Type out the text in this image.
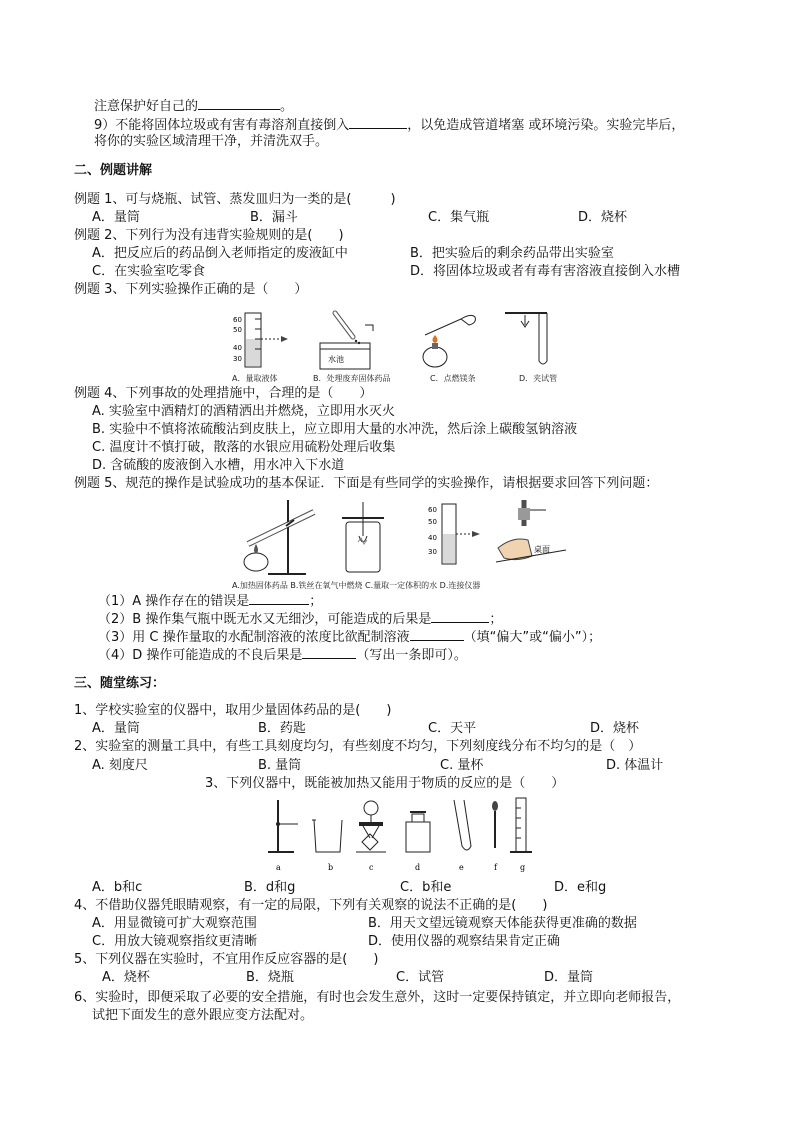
注意保护好自己的	。
9）不能将固体垃圾或有害有毒溶剂直接倒入	，以免造成管道堵塞 或环境污染。实验完毕后，
将你的实验区域清理干净，并清洗双手。
二、例题讲解
例题 1、可与烧瓶、试管、蒸发皿归为一类的是(　　　)
A．量筒	B．漏斗	C．集气瓶	D．烧杯
例题 2、下列行为没有违背实验规则的是(　　)
A．把反应后的药品倒入老师指定的废液缸中	B．把实验后的剩余药品带出实验室
C．在实验室吃零食	D．将固体垃圾或者有毒有害溶液直接倒入水槽
例题 3、下列实验操作正确的是（　　）
60
50
40
30	水池
A．量取液体	B．处理废弃固体药品	C．点燃镁条	D．夹试管
例题 4、下列事故的处理措施中，合理的是（　　）
A. 实验室中酒精灯的酒精洒出并燃烧，立即用水灭火
B. 实验中不慎将浓硫酸沾到皮肤上，应立即用大量的水冲洗，然后涂上碳酸氢钠溶液
C. 温度计不慎打破，散落的水银应用硫粉处理后收集
D. 含硫酸的废液倒入水槽，用水冲入下水道
例题 5、规范的操作是试验成功的基本保证．下面是有些同学的实验操作，请根据要求回答下列问题：
60
50
40
30	桌面
A.加热固体药品 B.铁丝在氧气中燃烧 C.量取一定体积的水 D.连接仪器
（1）A 操作存在的错误是	；
（2）B 操作集气瓶中既无水又无细沙，可能造成的后果是	；
（3）用 C 操作量取的水配制溶液的浓度比欲配制溶液	（填“偏大”或“偏小”）；
（4）D 操作可能造成的不良后果是	（写出一条即可）。
三、随堂练习：
1、学校实验室的仪器中，取用少量固体药品的是(　　)
A．量筒	B．药匙	C．天平	D．烧杯
2、实验室的测量工具中，有些工具刻度均匀，有些刻度不均匀，下列刻度线分布不均匀的是（　）
A. 刻度尺	B. 量筒	C. 量杯	D. 体温计
3、下列仪器中，既能被加热又能用于物质的反应的是（　　）
a	b	c	d	e	f	g
A．b和c	B．d和g	C．b和e	D．e和g
4、不借助仪器凭眼睛观察，有一定的局限，下列有关观察的说法不正确的是(　　)
A．用显微镜可扩大观察范围	B．用天文望远镜观察天体能获得更准确的数据
C．用放大镜观察指纹更清晰	D．使用仪器的观察结果肯定正确
5、下列仪器在实验时，不宜用作反应容器的是(　　)
A．烧杯	B．烧瓶	C．试管	D．量筒
6、实验时，即便采取了必要的安全措施，有时也会发生意外，这时一定要保持镇定，并立即向老师报告，
试把下面发生的意外跟应变方法配对。
